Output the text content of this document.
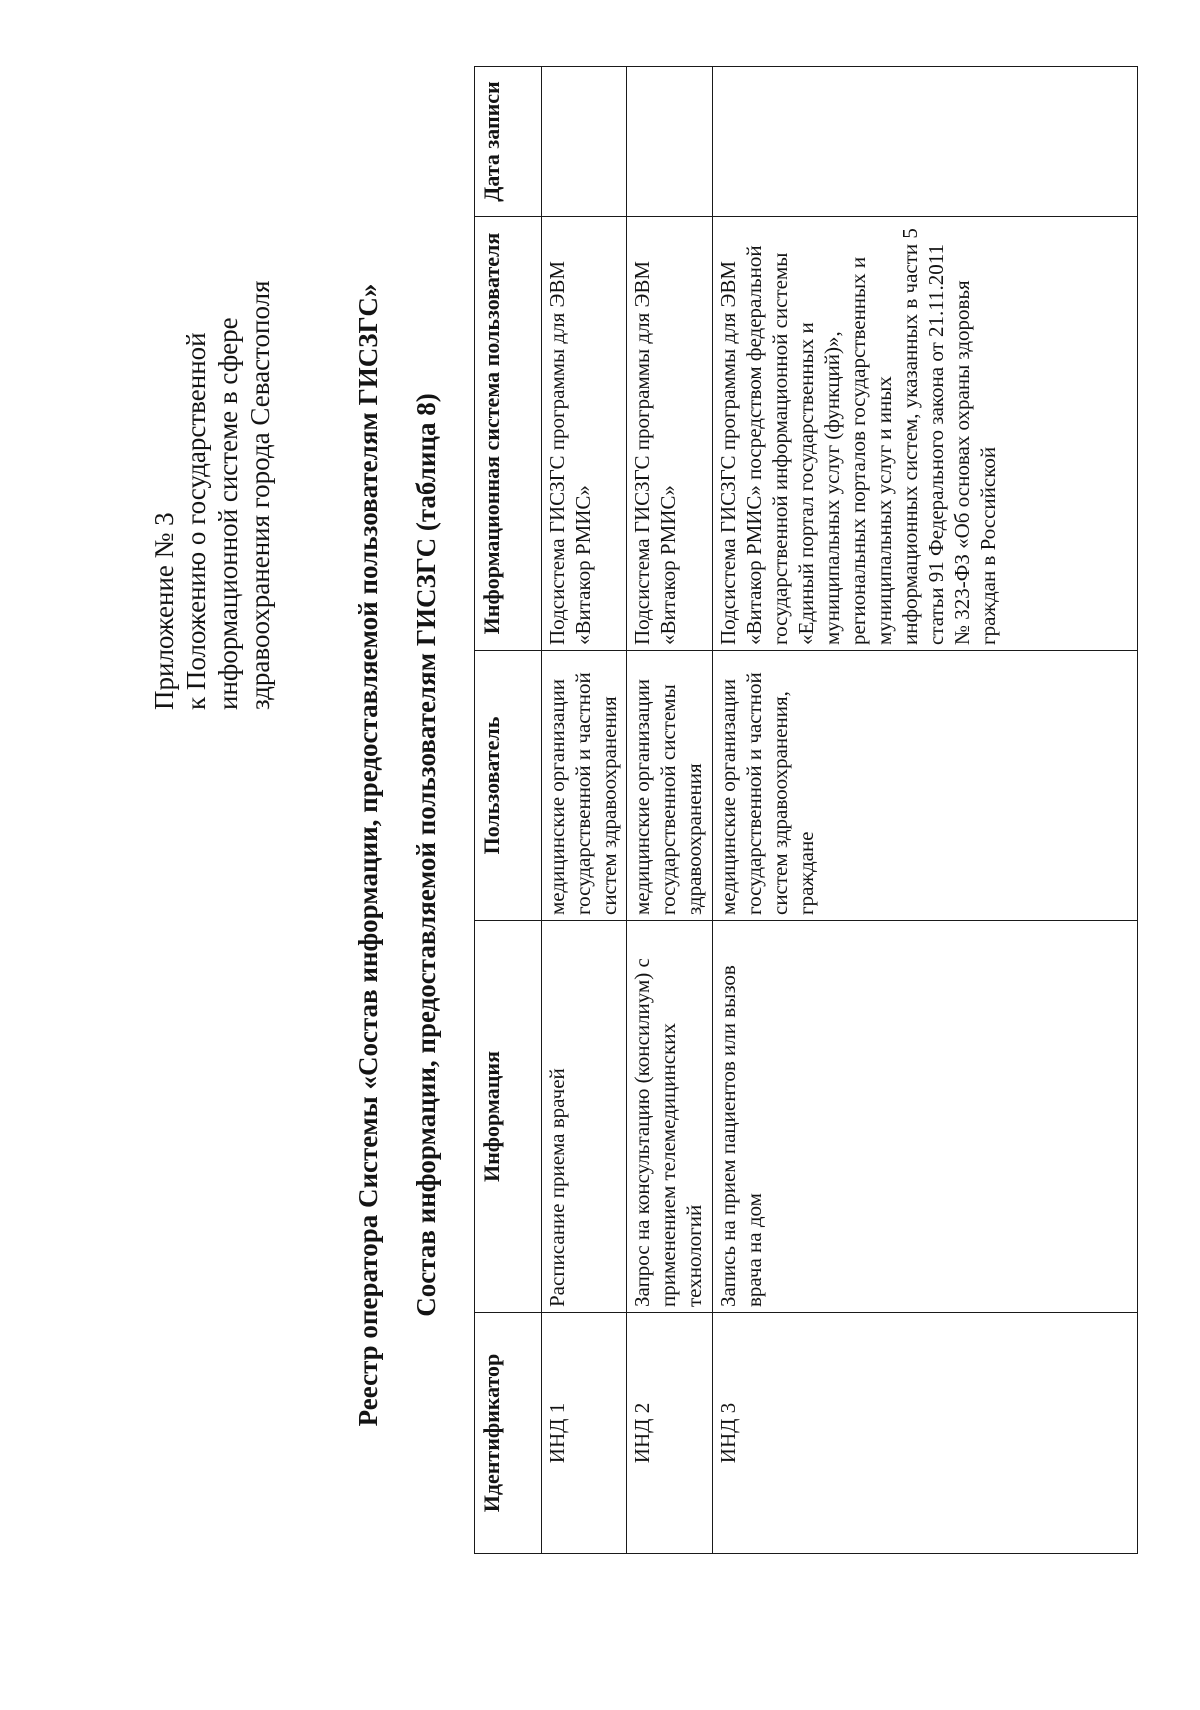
Приложение № 3 к Положению о государственной информационной системе в сфере здравоохранения города Севастополя	Реестр оператора Системы «Состав информации, предоставляемой пользователям ГИСЗГС» Состав информации, предоставляемой пользователям ГИСЗГС (таблица 8)
Идентификатор	Информация	Пользователь	Информационная система пользователя	Дата записи
ИНД 1	Расписание приема врачей	медицинские организации государственной и частной систем здравоохранения	Подсистема ГИСЗГС программы для ЭВМ «Витакор РМИС»	
ИНД 2	Запрос на консультацию (консилиум) с применением телемедицинских технологий	медицинские организации государственной системы здравоохранения	Подсистема ГИСЗГС программы для ЭВМ «Витакор РМИС»	
ИНД 3	Запись на прием пациентов или вызов врача на дом	медицинские организации государственной и частной систем здравоохранения, граждане	Подсистема ГИСЗГС программы для ЭВМ «Витакор РМИС» посредством федеральной государственной информационной системы «Единый портал государственных и муниципальных услуг (функций)», региональных порталов государственных и муниципальных услуг и иных информационных систем, указанных в части 5 статьи 91 Федерального закона от 21.11.2011 № 323-ФЗ «Об основах охраны здоровья граждан в Российской	
